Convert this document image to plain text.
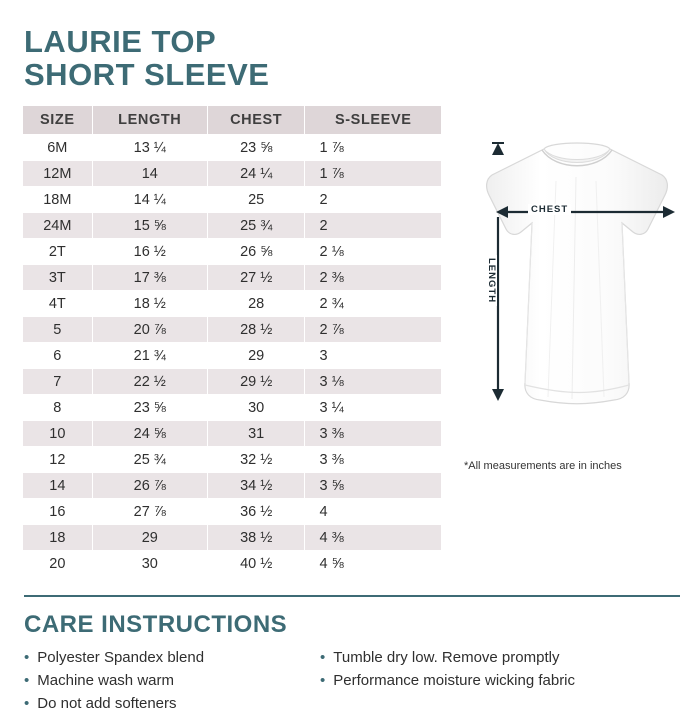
LAURIE TOP
SHORT SLEEVE
SIZE	LENGTH	CHEST	S-SLEEVE
6M	13 ¼	23 ⅝	1 ⅞
12M	14	24 ¼	1 ⅞
18M	14 ¼	25	2
24M	15 ⅝	25 ¾	2
2T	16 ½	26 ⅝	2 ⅛
3T	17 ⅜	27 ½	2 ⅜
4T	18 ½	28	2 ¾
5	20 ⅞	28 ½	2 ⅞
6	21 ¾	29	3
7	22 ½	29 ½	3 ⅛
8	23 ⅝	30	3 ¼
10	24 ⅝	31	3 ⅜
12	25 ¾	32 ½	3 ⅜
14	26 ⅞	34 ½	3 ⅝
16	27 ⅞	36 ½	4
18	29	38 ½	4 ⅜
20	30	40 ½	4 ⅝
CHEST
LENGTH
*All measurements are in inches
CARE INSTRUCTIONS
• Polyester Spandex blend
• Machine wash warm
• Do not add softeners
• Tumble dry low. Remove promptly
• Performance moisture wicking fabric
